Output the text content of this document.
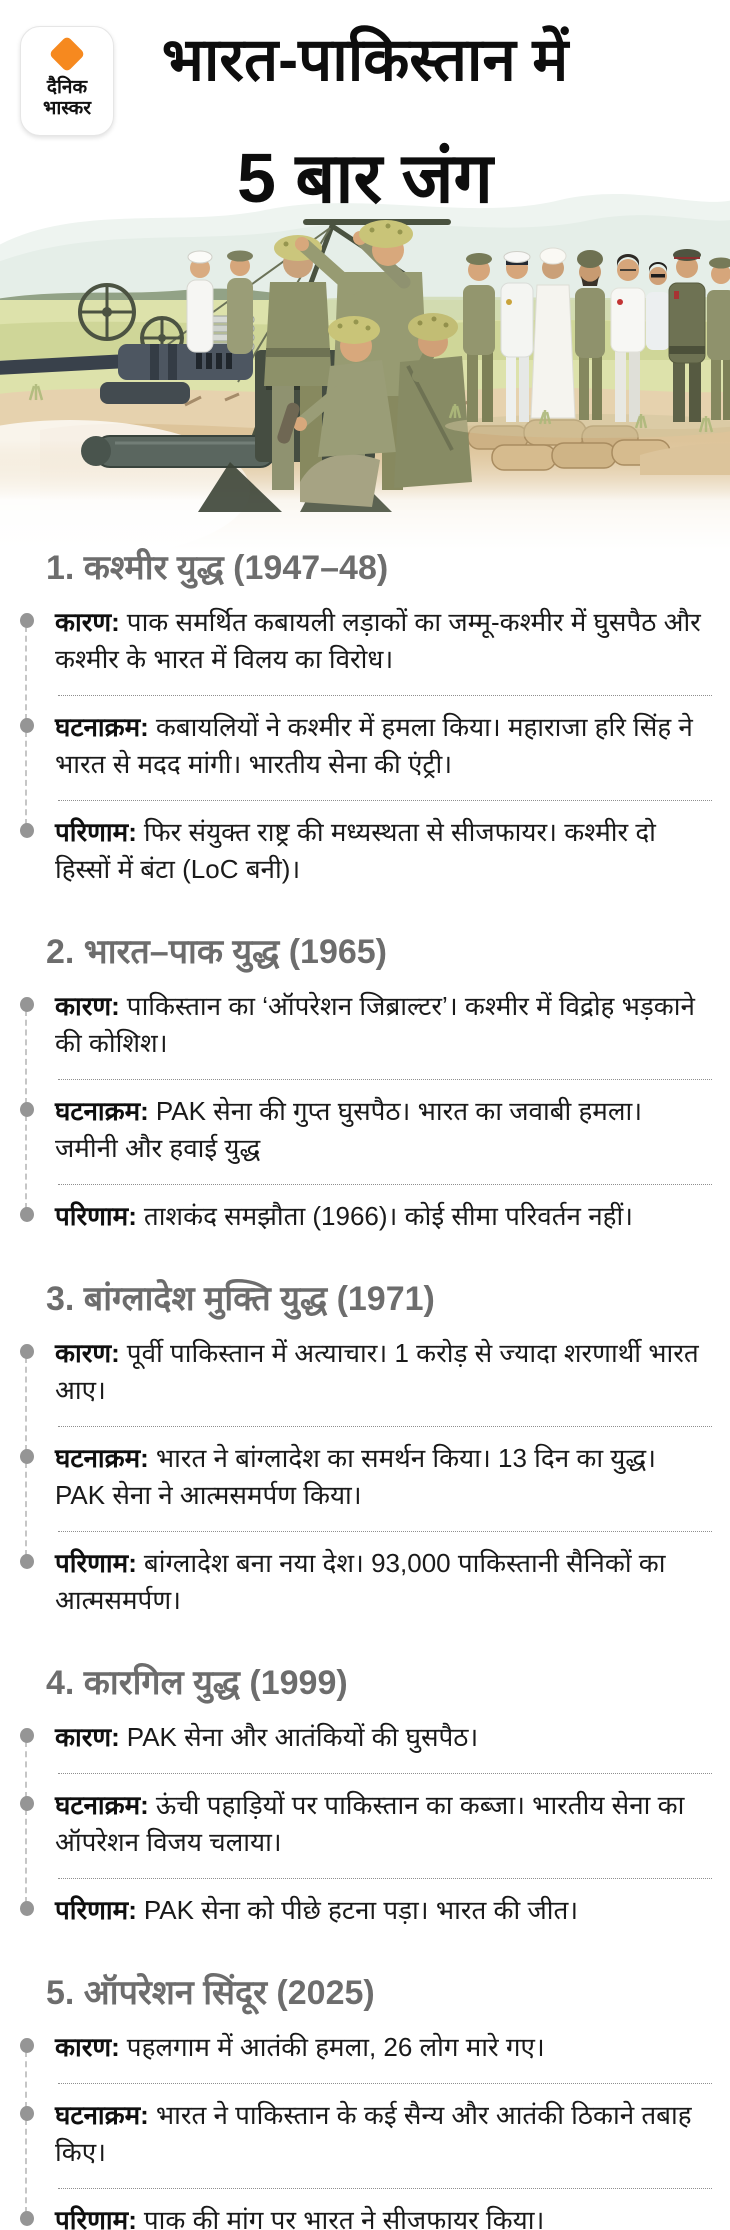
दैनिक
भास्कर
भारत-पाकिस्तान में
5 बार जंग
1. कश्मीर युद्ध (1947–48)
कारण: पाक समर्थित कबायली लड़ाकों का जम्मू-कश्मीर में घुसपैठ और कश्मीर के भारत में विलय का विरोध।
घटनाक्रम: कबायलियों ने कश्मीर में हमला किया। महाराजा हरि सिंह ने भारत से मदद मांगी। भारतीय सेना की एंट्री।
परिणाम: फिर संयुक्त राष्ट्र की मध्यस्थता से सीजफायर। कश्मीर दो हिस्सों में बंटा (LoC बनी)।
2. भारत–पाक युद्ध (1965)
कारण: पाकिस्तान का ‘ऑपरेशन जिब्राल्टर’। कश्मीर में विद्रोह भड़काने की कोशिश।
घटनाक्रम: PAK सेना की गुप्त घुसपैठ। भारत का जवाबी हमला। जमीनी और हवाई युद्ध
परिणाम: ताशकंद समझौता (1966)। कोई सीमा परिवर्तन नहीं।
3. बांग्लादेश मुक्ति युद्ध (1971)
कारण: पूर्वी पाकिस्तान में अत्याचार। 1 करोड़ से ज्यादा शरणार्थी भारत आए।
घटनाक्रम: भारत ने बांग्लादेश का समर्थन किया। 13 दिन का युद्ध। PAK सेना ने आत्मसमर्पण किया।
परिणाम: बांग्लादेश बना नया देश। 93,000 पाकिस्तानी सैनिकों का आत्मसमर्पण।
4. कारगिल युद्ध (1999)
कारण: PAK सेना और आतंकियों की घुसपैठ।
घटनाक्रम: ऊंची पहाड़ियों पर पाकिस्तान का कब्जा। भारतीय सेना का ऑपरेशन विजय चलाया।
परिणाम: PAK सेना को पीछे हटना पड़ा। भारत की जीत।
5. ऑपरेशन सिंदूर (2025)
कारण: पहलगाम में आतंकी हमला, 26 लोग मारे गए।
घटनाक्रम: भारत ने पाकिस्तान के कई सैन्य और आतंकी ठिकाने तबाह किए।
परिणाम: पाक की मांग पर भारत ने सीजफायर किया।
